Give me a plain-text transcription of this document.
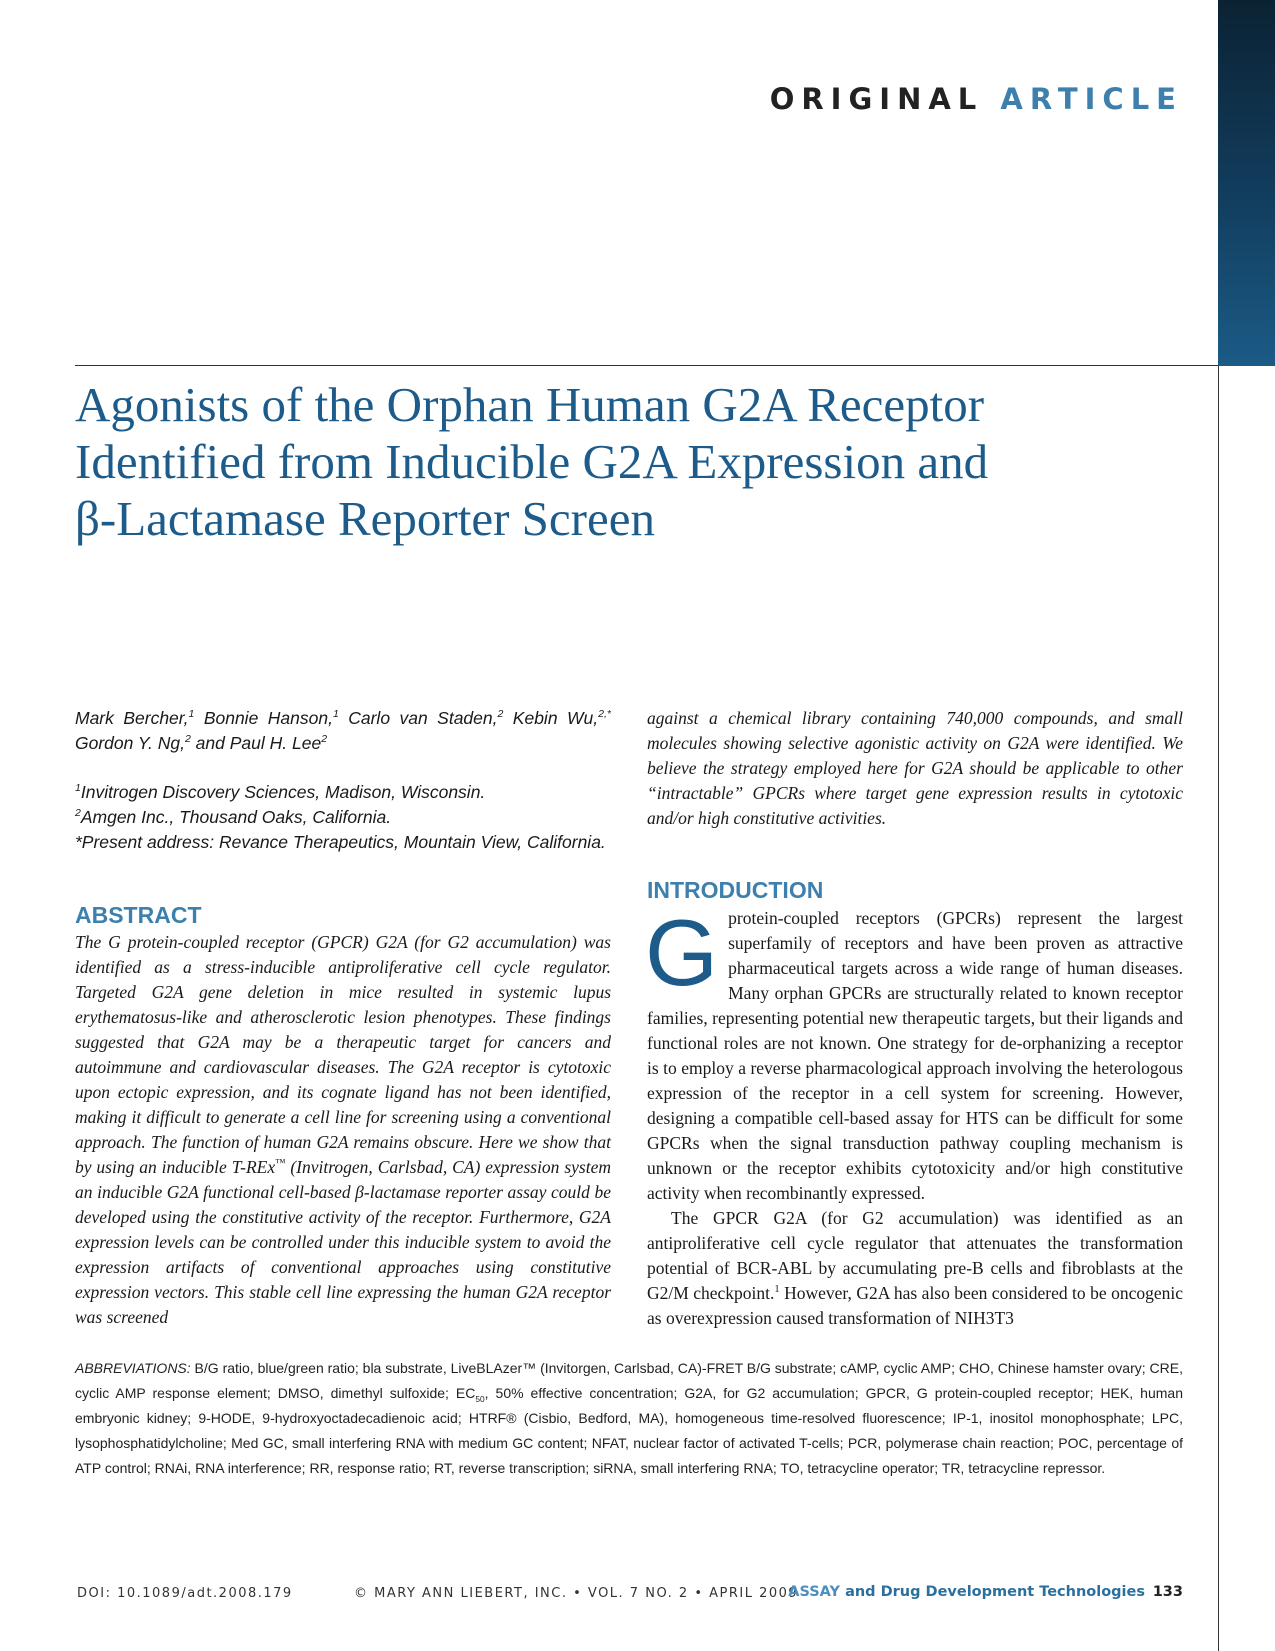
ORIGINAL ARTICLE
Agonists of the Orphan Human G2A Receptor
Identified from Inducible G2A Expression and
β-Lactamase Reporter Screen
Mark Bercher,$^1$ Bonnie Hanson,$^1$ Carlo van Staden,$^2$ Kebin Wu,$^{2,*}$ Gordon Y. Ng,$^2$ and Paul H. Lee$^2$
$^1$Invitrogen Discovery Sciences, Madison, Wisconsin.
$^2$Amgen Inc., Thousand Oaks, California.
*Present address: Revance Therapeutics, Mountain View, California.
ABSTRACT
The G protein-coupled receptor (GPCR) G2A (for G2 accumulation) was identified as a stress-inducible antiproliferative cell cycle regulator. Targeted G2A gene deletion in mice resulted in systemic lupus erythematosus-like and atherosclerotic lesion phenotypes. These findings suggested that G2A may be a therapeutic target for cancers and autoimmune and cardiovascular diseases. The G2A receptor is cytotoxic upon ectopic expression, and its cognate ligand has not been identified, making it difficult to generate a cell line for screening using a conventional approach. The function of human G2A remains obscure. Here we show that by using an inducible T-REx™ (Invitrogen, Carlsbad, CA) expression system an inducible G2A functional cell-based β-lactamase reporter assay could be developed using the constitutive activity of the receptor. Furthermore, G2A expression levels can be controlled under this inducible system to avoid the expression artifacts of conventional approaches using constitutive expression vectors. This stable cell line expressing the human G2A receptor was screened
against a chemical library containing 740,000 compounds, and small molecules showing selective agonistic activity on G2A were identified. We believe the strategy employed here for G2A should be applicable to other “intractable” GPCRs where target gene expression results in cytotoxic and/or high constitutive activities.
INTRODUCTION

Gprotein-coupled receptors (GPCRs) represent the largest superfamily of receptors and have been proven as attractive pharmaceutical targets across a wide range of human diseases. Many orphan GPCRs are structurally related to known receptor families, representing potential new therapeutic targets, but their ligands and functional roles are not known. One strategy for de-orphanizing a receptor is to employ a reverse pharmacological approach involving the heterologous expression of the receptor in a cell system for screening. However, designing a compatible cell-based assay for HTS can be difficult for some GPCRs when the signal transduction pathway coupling mechanism is unknown or the receptor exhibits cytotoxicity and/or high constitutive activity when recombinantly expressed.

The GPCR G2A (for G2 accumulation) was identified as an antiproliferative cell cycle regulator that attenuates the transformation potential of BCR-ABL by accumulating pre-B cells and fibroblasts at the G2/M checkpoint.$^1$ However, G2A has also been considered to be oncogenic as overexpression caused transformation of NIH3T3

ABBREVIATIONS: B/G ratio, blue/green ratio; bla substrate, LiveBLAzer™ (Invitorgen, Carlsbad, CA)-FRET B/G substrate; cAMP, cyclic AMP; CHO, Chinese hamster ovary; CRE, cyclic AMP response element; DMSO, dimethyl sulfoxide; $EC_{50}$, 50% effective concentration; G2A, for G2 accumulation; GPCR, G protein-coupled receptor; HEK, human embryonic kidney; 9-HODE, 9-hydroxyoctadecadienoic acid; HTRF® (Cisbio, Bedford, MA), homogeneous time-resolved fluorescence; IP-1, inositol monophosphate; LPC, lysophosphatidylcholine; Med GC, small interfering RNA with medium GC content; NFAT, nuclear factor of activated T-cells; PCR, polymerase chain reaction; POC, percentage of ATP control; RNAi, RNA interference; RR, response ratio; RT, reverse transcription; siRNA, small interfering RNA; TO, tetracycline operator; TR, tetracycline repressor.
DOI: 10.1089/adt.2008.179	© MARY ANN LIEBERT, INC. • VOL. 7 NO. 2 • APRIL 2009
ASSAY and Drug Development Technologies 133
